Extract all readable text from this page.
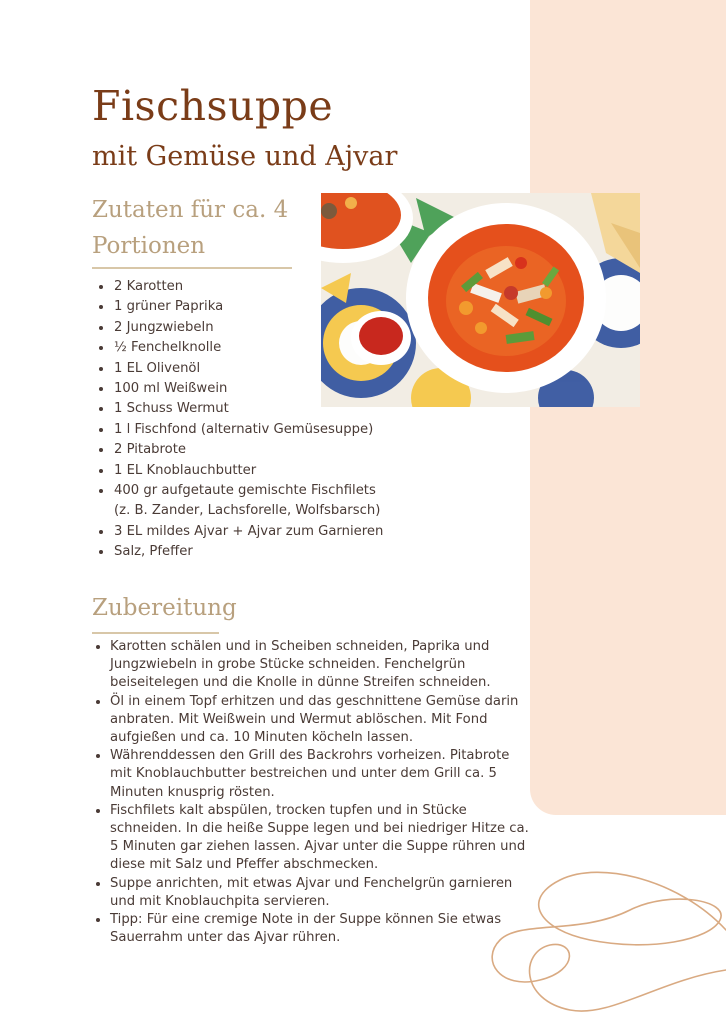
Fischsuppe
mit Gemüse und Ajvar
Zutaten für ca. 4 Portionen
• 2 Karotten
• 1 grüner Paprika
• 2 Jungzwiebeln
• ½ Fenchelknolle
• 1 EL Olivenöl
• 100 ml Weißwein
• 1 Schuss Wermut
• 1 l Fischfond (alternativ Gemüsesuppe)
• 2 Pitabrote
• 1 EL Knoblauchbutter
• 400 gr aufgetaute gemischte Fischfilets
(z. B. Zander, Lachsforelle, Wolfsbarsch)
• 3 EL mildes Ajvar + Ajvar zum Garnieren
• Salz, Pfeffer
Zubereitung
• Karotten schälen und in Scheiben schneiden, Paprika und Jungzwiebeln in grobe Stücke schneiden. Fenchelgrün beiseitelegen und die Knolle in dünne Streifen schneiden.
• Öl in einem Topf erhitzen und das geschnittene Gemüse darin anbraten. Mit Weißwein und Wermut ablöschen. Mit Fond aufgießen und ca. 10 Minuten köcheln lassen.
• Währenddessen den Grill des Backrohrs vorheizen. Pitabrote mit Knoblauchbutter bestreichen und unter dem Grill ca. 5 Minuten knusprig rösten.
• Fischfilets kalt abspülen, trocken tupfen und in Stücke schneiden. In die heiße Suppe legen und bei niedriger Hitze ca. 5 Minuten gar ziehen lassen. Ajvar unter die Suppe rühren und diese mit Salz und Pfeffer abschmecken.
• Suppe anrichten, mit etwas Ajvar und Fenchelgrün garnieren und mit Knoblauchpita servieren.
• Tipp: Für eine cremige Note in der Suppe können Sie etwas Sauerrahm unter das Ajvar rühren.
